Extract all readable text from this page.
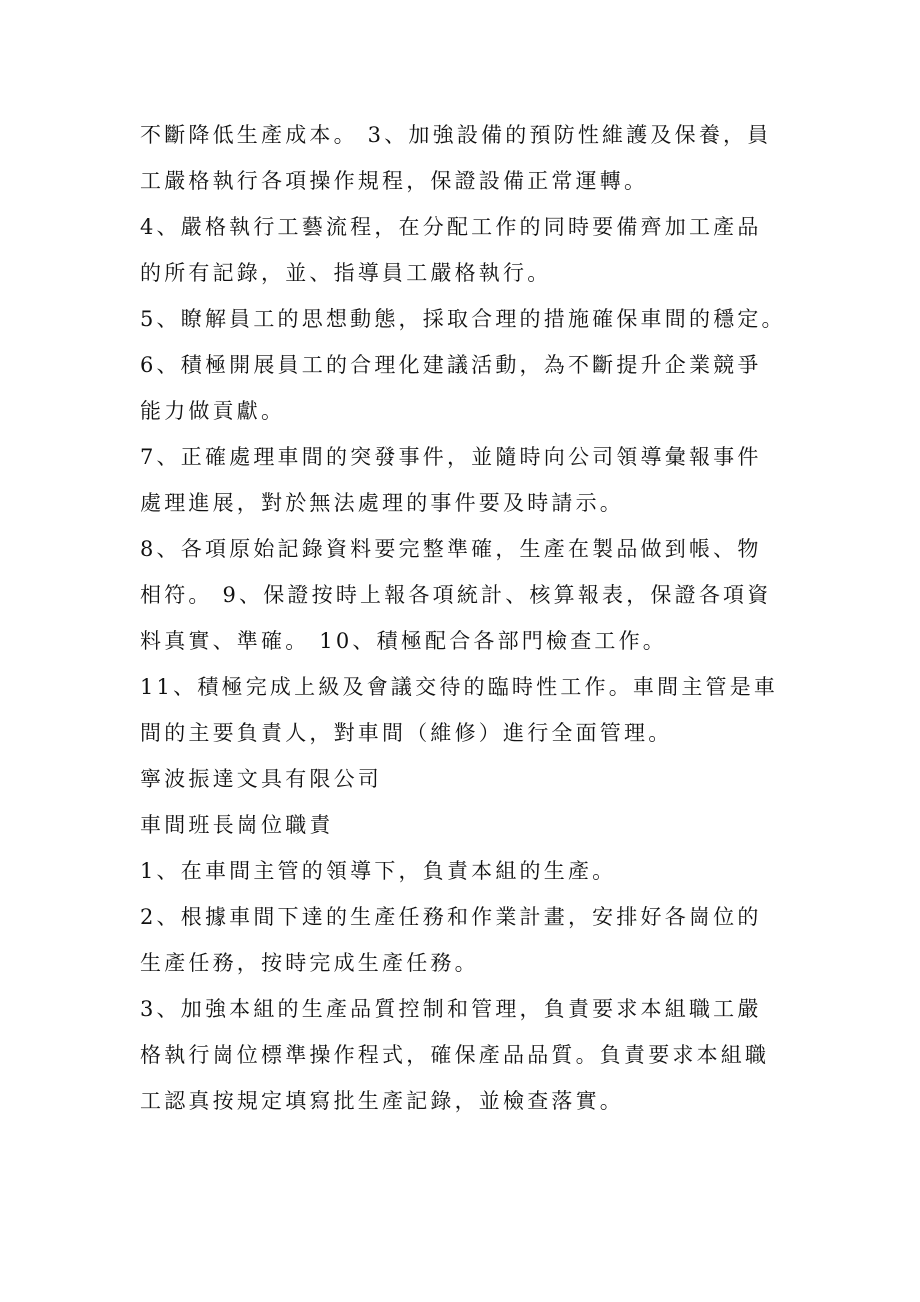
不斷降低生產成本。 3、加強設備的預防性維護及保養，員
工嚴格執行各項操作規程，保證設備正常運轉。
4、嚴格執行工藝流程，在分配工作的同時要備齊加工產品
的所有記錄，並、指導員工嚴格執行。
5、瞭解員工的思想動態，採取合理的措施確保車間的穩定。
6、積極開展員工的合理化建議活動，為不斷提升企業競爭
能力做貢獻。
7、正確處理車間的突發事件，並隨時向公司領導彙報事件
處理進展，對於無法處理的事件要及時請示。
8、各項原始記錄資料要完整準確，生產在製品做到帳、物
相符。 9、保證按時上報各項統計、核算報表，保證各項資
料真實、準確。 10、積極配合各部門檢查工作。
11、積極完成上級及會議交待的臨時性工作。車間主管是車
間的主要負責人，對車間（維修）進行全面管理。
寧波振達文具有限公司
車間班長崗位職責
1、在車間主管的領導下，負責本組的生產。
2、根據車間下達的生產任務和作業計畫，安排好各崗位的
生產任務，按時完成生產任務。
3、加強本組的生產品質控制和管理，負責要求本組職工嚴
格執行崗位標準操作程式，確保產品品質。負責要求本組職
工認真按規定填寫批生產記錄，並檢查落實。
